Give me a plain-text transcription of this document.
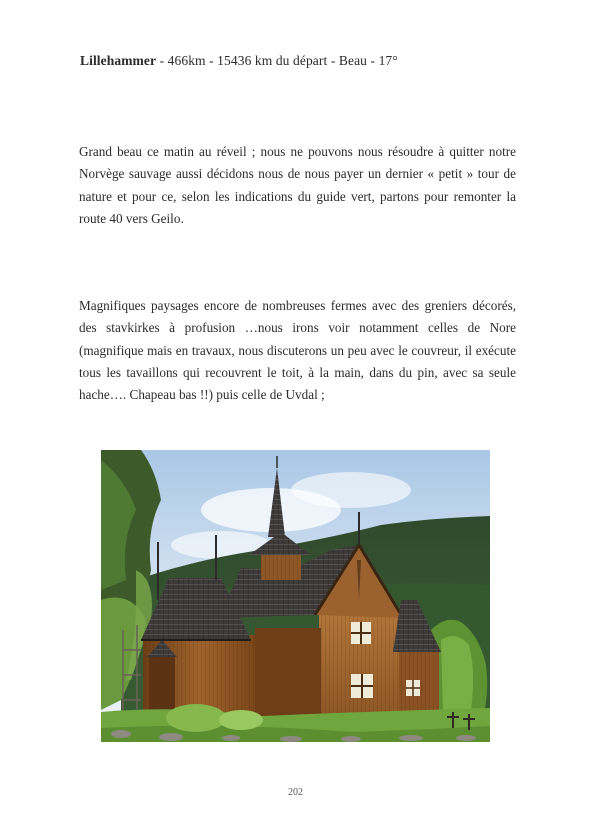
Lillehammer - 466km - 15436 km du départ - Beau - 17°

Grand beau ce matin au réveil ; nous ne pouvons nous résoudre à quitter notre Norvège sauvage aussi décidons nous de nous payer un dernier « petit » tour de nature et pour ce, selon les indications du guide vert, partons pour remonter la route 40 vers Geilo.

Magnifiques paysages encore de nombreuses fermes avec des greniers décorés, des stavkirkes à profusion …nous irons voir notamment celles de Nore (magnifique mais en travaux, nous discuterons un peu avec le couvreur, il exécute tous les tavaillons qui recouvrent le toit, à la main, dans du pin, avec sa seule hache…. Chapeau bas !!) puis celle de Uvdal ;

202
